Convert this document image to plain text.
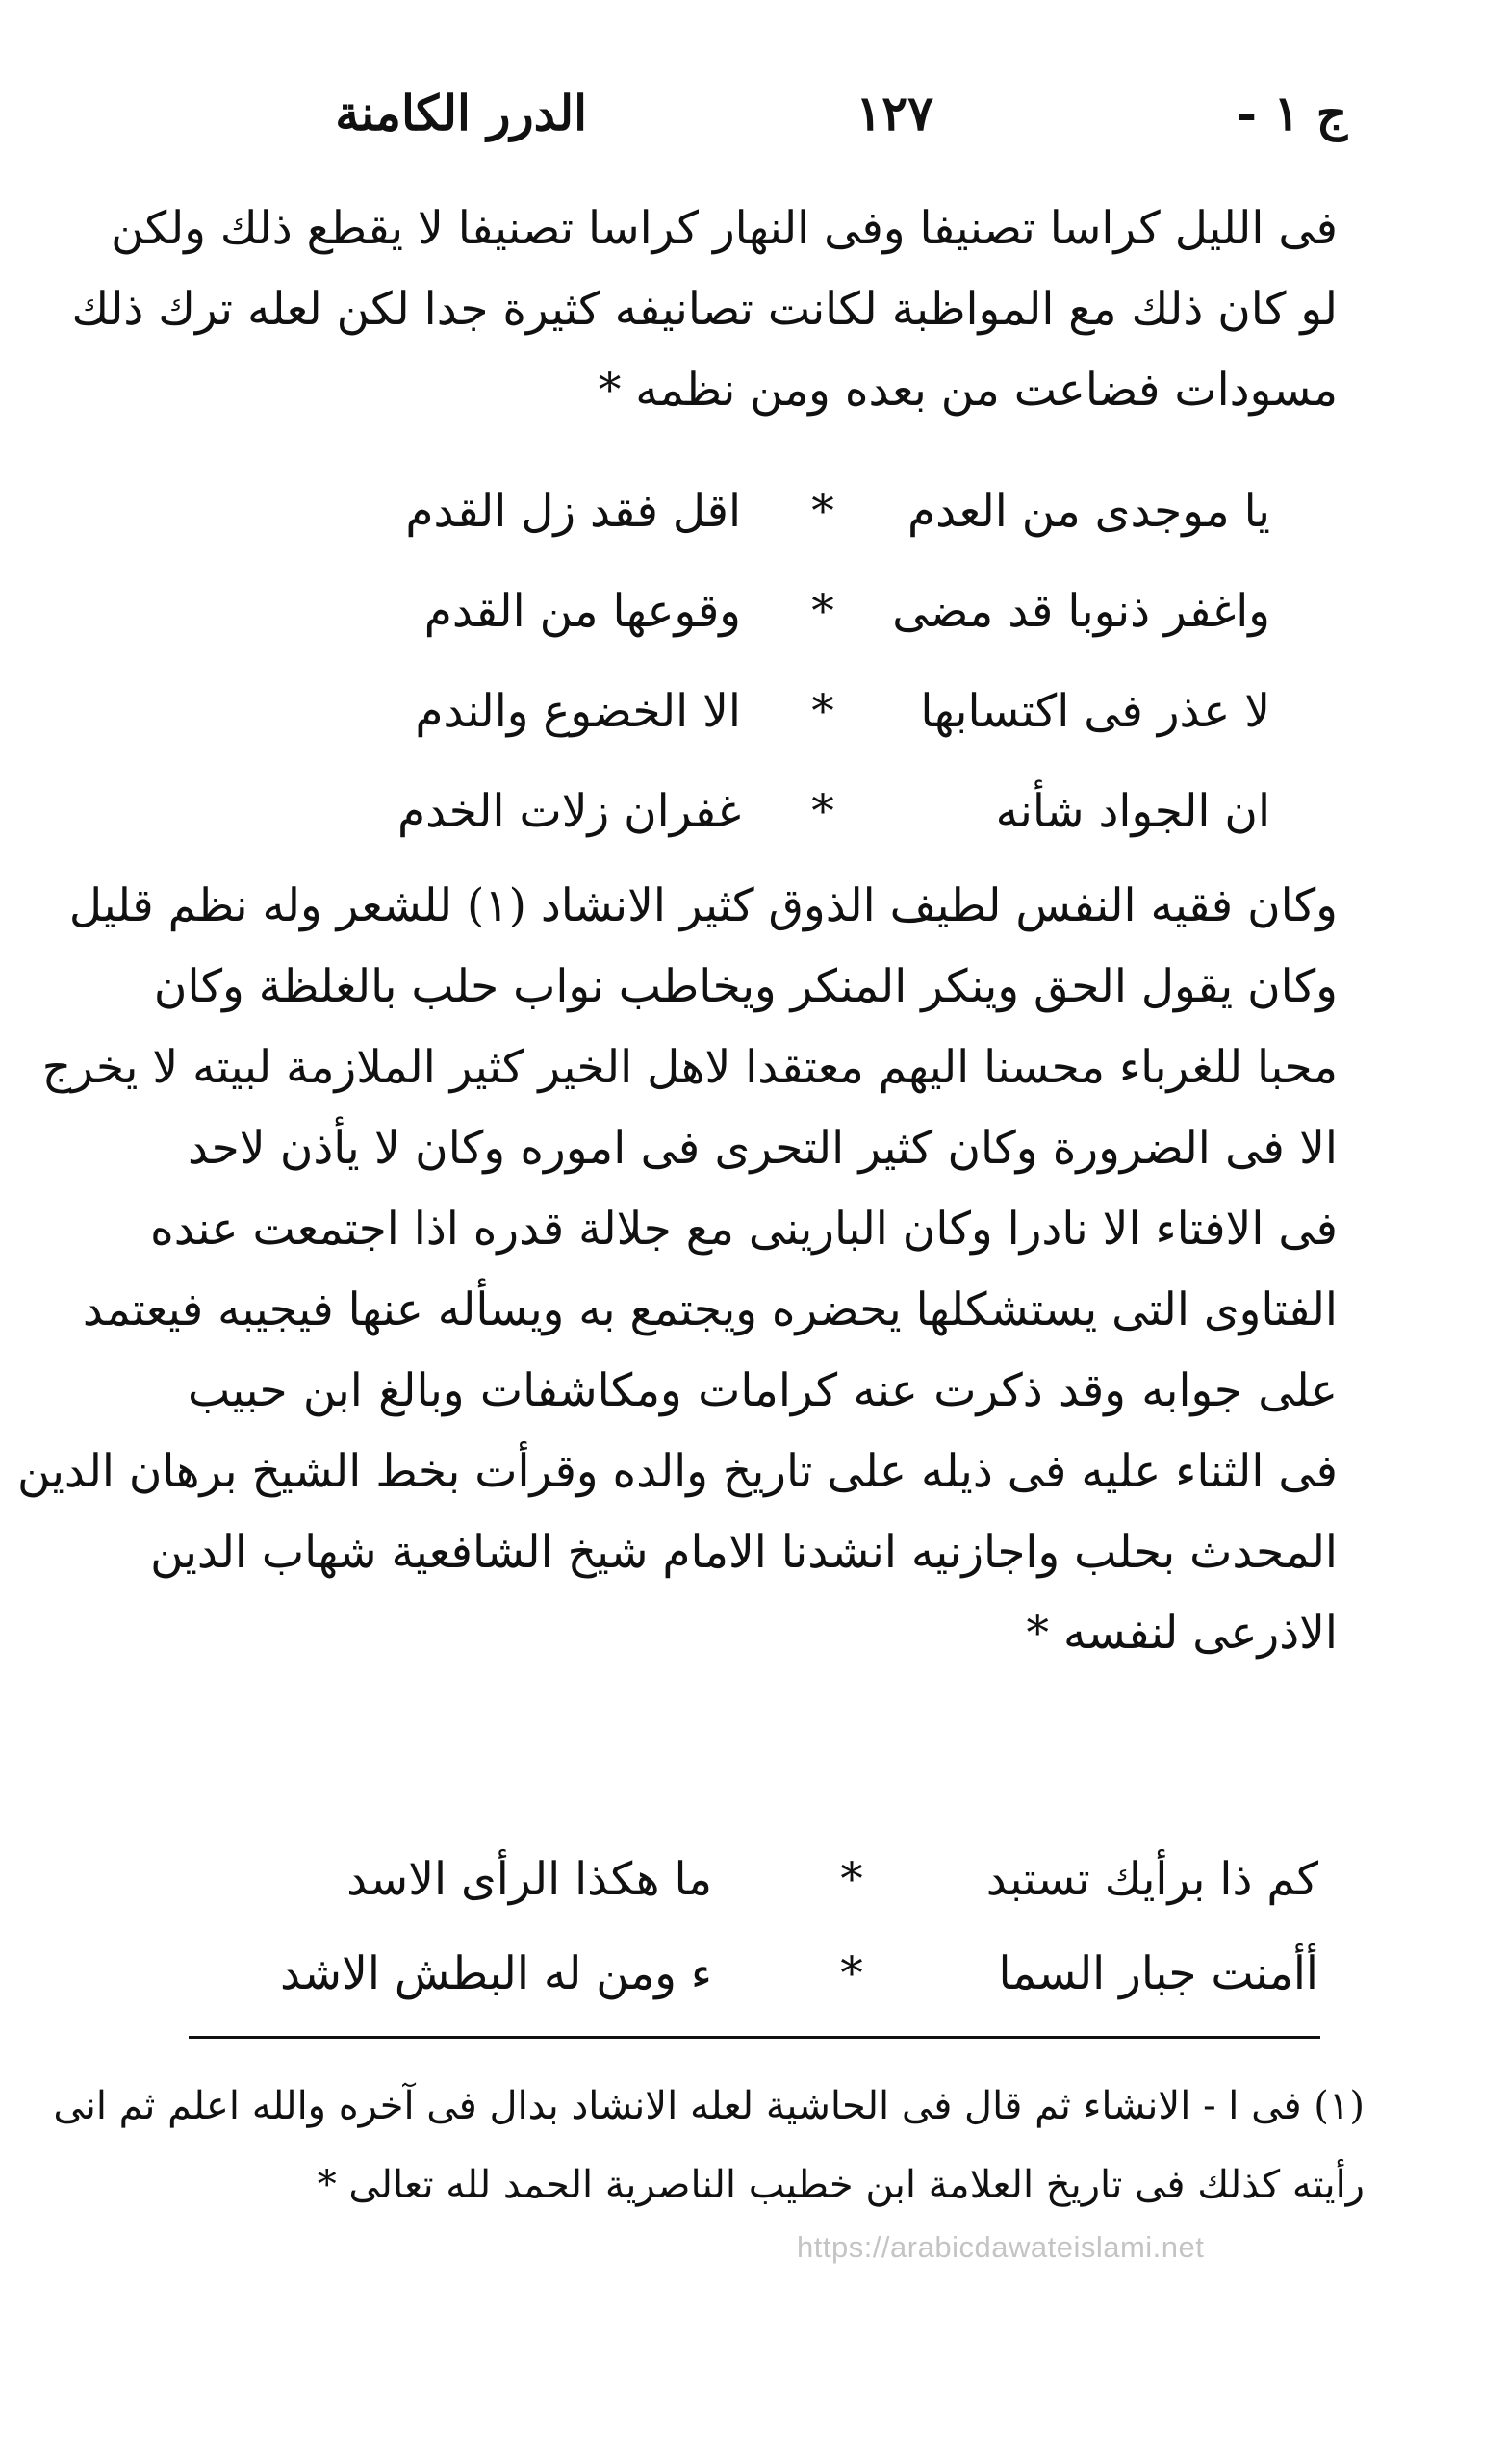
ج ١ -
١٢٧
الدرر الكامنة
فى الليل كراسا تصنيفا وفى النهار كراسا تصنيفا لا يقطع ذلك ولكن
لو كان ذلك مع المواظبة لكانت تصانيفه كثيرة جدا لكن لعله ترك ذلك
مسودات فضاعت من بعده ومن نظمه *
يا موجدى من العدم
*
اقل فقد زل القدم
واغفر ذنوبا قد مضى
*
وقوعها من القدم
لا عذر فى اكتسابها
*
الا الخضوع والندم
ان الجواد شأنه
*
غفران زلات الخدم
وكان فقيه النفس لطيف الذوق كثير الانشاد (١) للشعر وله نظم قليل
وكان يقول الحق وينكر المنكر ويخاطب نواب حلب بالغلظة وكان
محبا للغرباء محسنا اليهم معتقدا لاهل الخير كثير الملازمة لبيته لا يخرج
الا فى الضرورة وكان كثير التحرى فى اموره وكان لا يأذن لاحد
فى الافتاء الا نادرا وكان البارينى مع جلالة قدره اذا اجتمعت عنده
الفتاوى التى يستشكلها يحضره ويجتمع به ويسأله عنها فيجيبه فيعتمد
على جوابه وقد ذكرت عنه كرامات ومكاشفات وبالغ ابن حبيب
فى الثناء عليه فى ذيله على تاريخ والده وقرأت بخط الشيخ برهان الدين
المحدث بحلب واجازنيه انشدنا الامام شيخ الشافعية شهاب الدين
الاذرعى لنفسه *
كم ذا برأيك تستبد
*
ما هكذا الرأى الاسد
أأمنت جبار السما
*
ء ومن له البطش الاشد
(١) فى ا - الانشاء ثم قال فى الحاشية لعله الانشاد بدال فى آخره والله اعلم ثم انى
رأيته كذلك فى تاريخ العلامة ابن خطيب الناصرية الحمد لله تعالى *
https://arabicdawateislami.net
